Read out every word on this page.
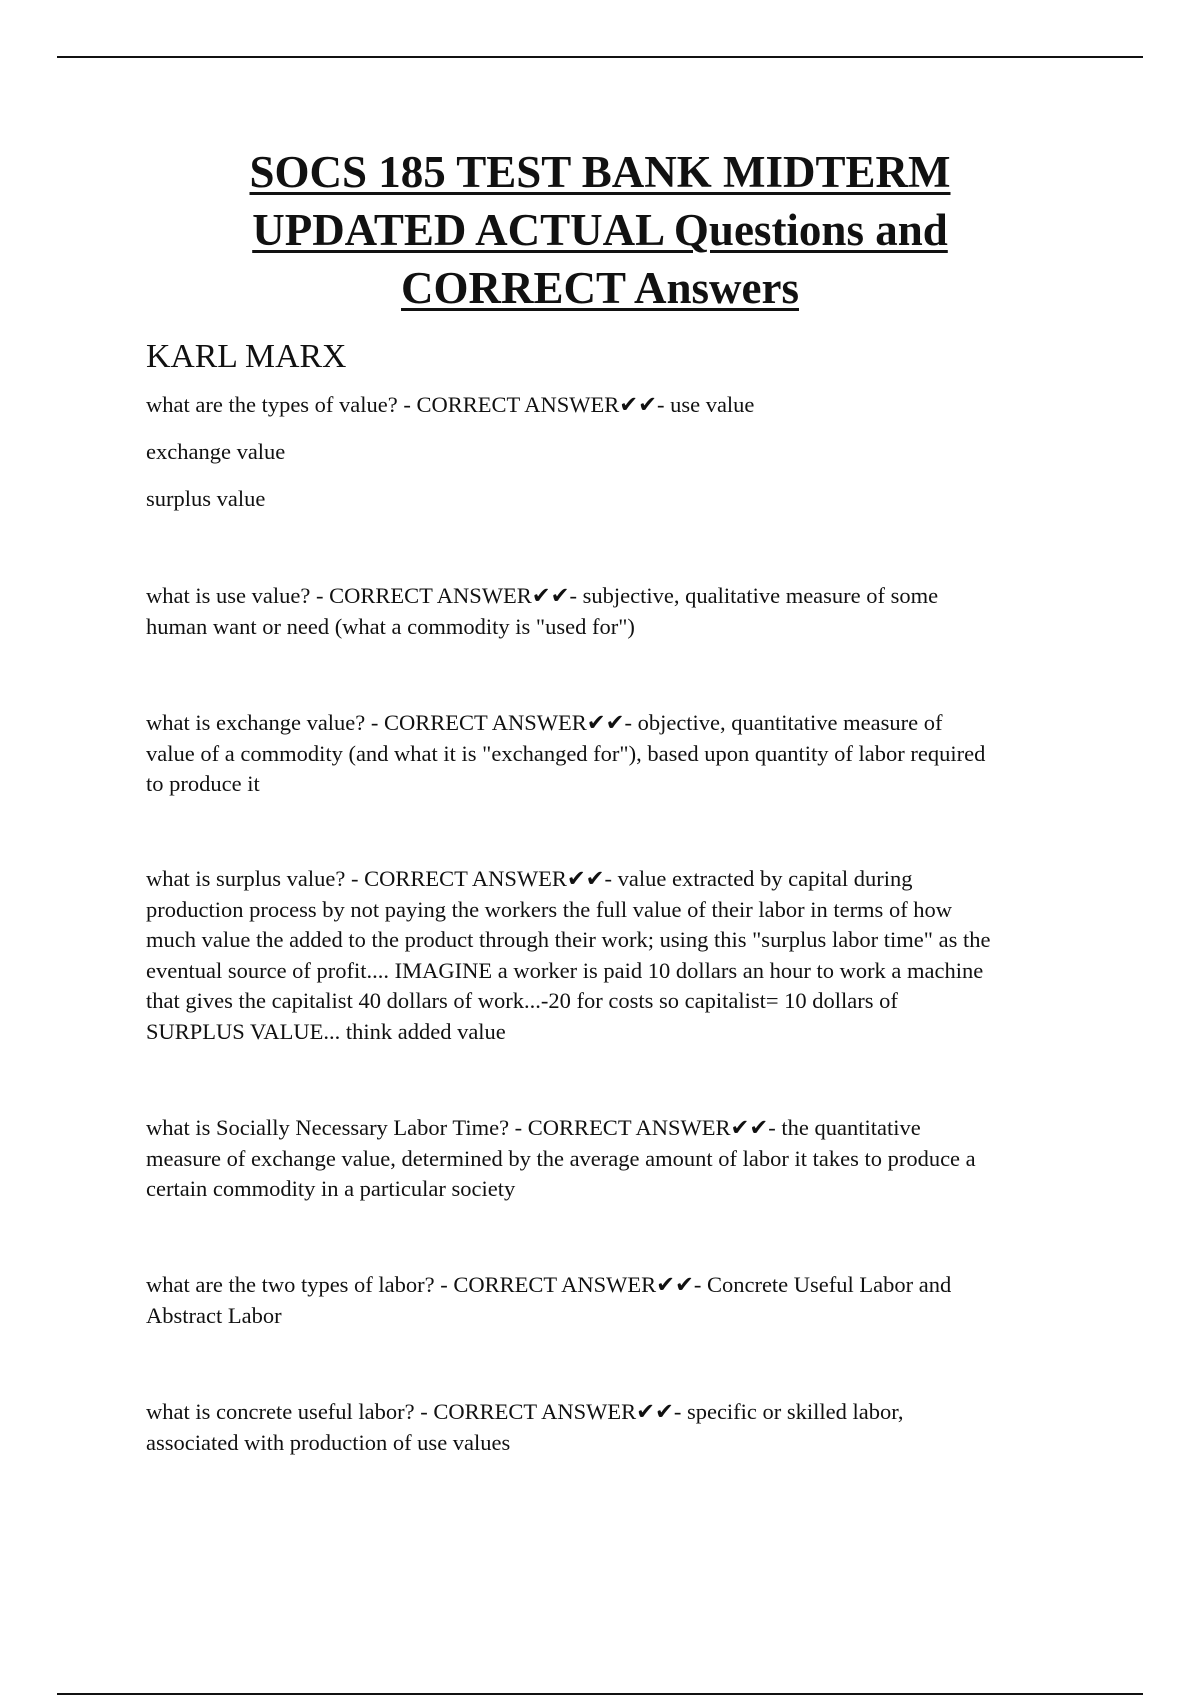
SOCS 185 TEST BANK MIDTERM
UPDATED ACTUAL Questions and
CORRECT Answers
KARL MARX

what are the types of value? - CORRECT ANSWER✔✔- use value

exchange value

surplus value

what is use value? - CORRECT ANSWER✔✔- subjective, qualitative measure of some
human want or need (what a commodity is "used for")

what is exchange value? - CORRECT ANSWER✔✔- objective, quantitative measure of
value of a commodity (and what it is "exchanged for"), based upon quantity of labor required
to produce it

what is surplus value? - CORRECT ANSWER✔✔- value extracted by capital during
production process by not paying the workers the full value of their labor in terms of how
much value the added to the product through their work; using this "surplus labor time" as the
eventual source of profit.... IMAGINE a worker is paid 10 dollars an hour to work a machine
that gives the capitalist 40 dollars of work...-20 for costs so capitalist= 10 dollars of
SURPLUS VALUE... think added value

what is Socially Necessary Labor Time? - CORRECT ANSWER✔✔- the quantitative
measure of exchange value, determined by the average amount of labor it takes to produce a
certain commodity in a particular society

what are the two types of labor? - CORRECT ANSWER✔✔- Concrete Useful Labor and
Abstract Labor

what is concrete useful labor? - CORRECT ANSWER✔✔- specific or skilled labor,
associated with production of use values
